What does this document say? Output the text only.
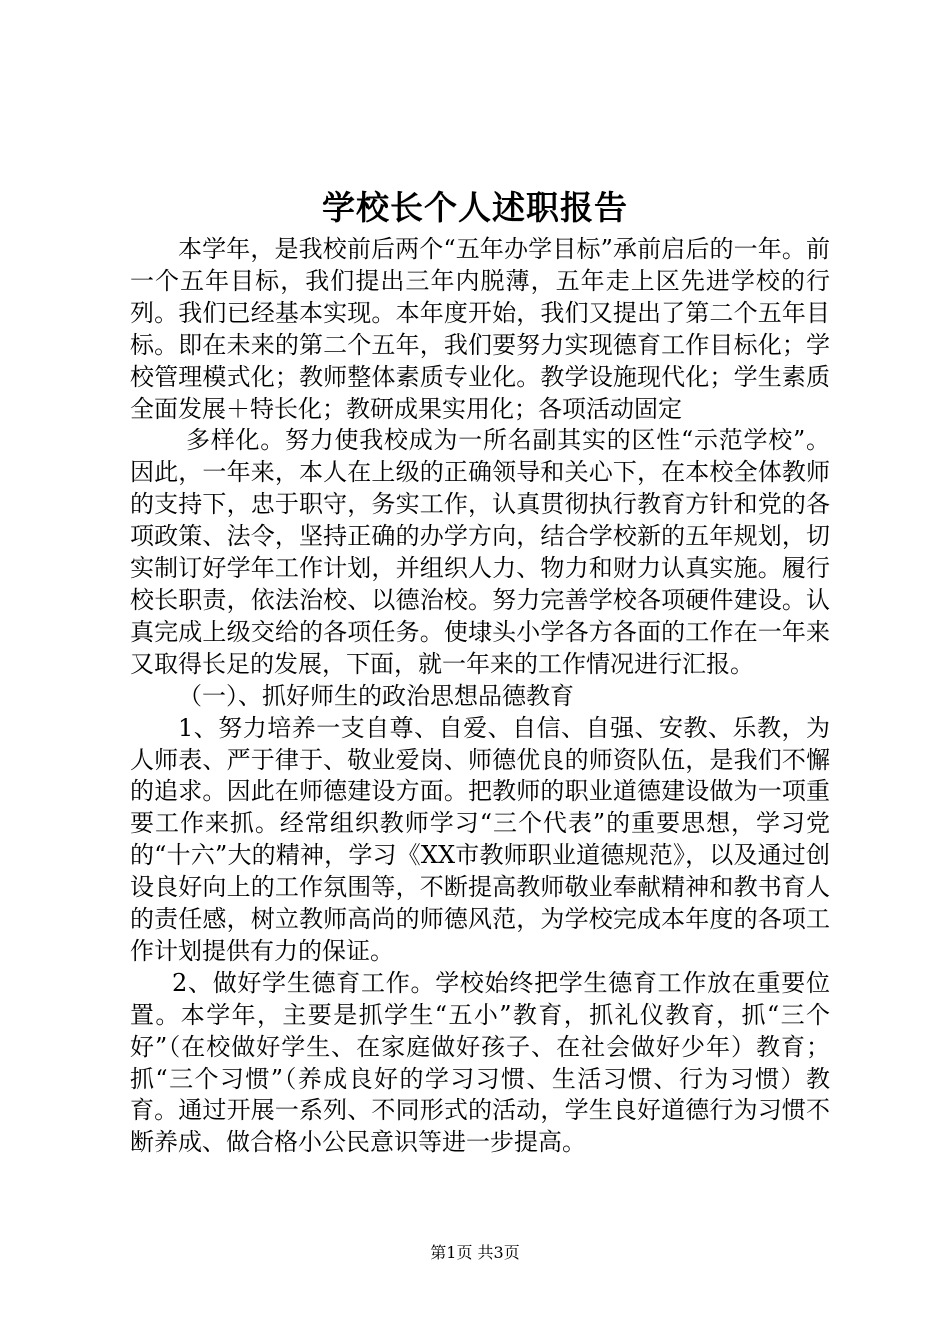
学校长个人述职报告

本学年，是我校前后两个“五年办学目标”承前启后的一年。前一个五年目标，我们提出三年内脱薄，五年走上区先进学校的行列。我们已经基本实现。本年度开始，我们又提出了第二个五年目标。即在未来的第二个五年，我们要努力实现德育工作目标化；学校管理模式化；教师整体素质专业化。教学设施现代化；学生素质全面发展＋特长化；教研成果实用化；各项活动固定

多样化。努力使我校成为一所名副其实的区性“示范学校”。因此，一年来，本人在上级的正确领导和关心下，在本校全体教师的支持下，忠于职守，务实工作，认真贯彻执行教育方针和党的各项政策、法令，坚持正确的办学方向，结合学校新的五年规划，切实制订好学年工作计划，并组织人力、物力和财力认真实施。履行校长职责，依法治校、以德治校。努力完善学校各项硬件建设。认真完成上级交给的各项任务。使埭头小学各方各面的工作在一年来又取得长足的发展，下面，就一年来的工作情况进行汇报。

（一）、抓好师生的政治思想品德教育

1、努力培养一支自尊、自爱、自信、自强、安教、乐教，为人师表、严于律于、敬业爱岗、师德优良的师资队伍，是我们不懈的追求。因此在师德建设方面。把教师的职业道德建设做为一项重要工作来抓。经常组织教师学习“三个代表”的重要思想，学习党的“十六”大的精神，学习《XX市教师职业道德规范》，以及通过创设良好向上的工作氛围等，不断提高教师敬业奉献精神和教书育人的责任感，树立教师高尚的师德风范，为学校完成本年度的各项工作计划提供有力的保证。

2、做好学生德育工作。学校始终把学生德育工作放在重要位置。本学年，主要是抓学生“五小”教育，抓礼仪教育，抓“三个好”（在校做好学生、在家庭做好孩子、在社会做好少年）教育；抓“三个习惯”（养成良好的学习习惯、生活习惯、行为习惯）教育。通过开展一系列、不同形式的活动，学生良好道德行为习惯不断养成、做合格小公民意识等进一步提高。

第1页 共3页
